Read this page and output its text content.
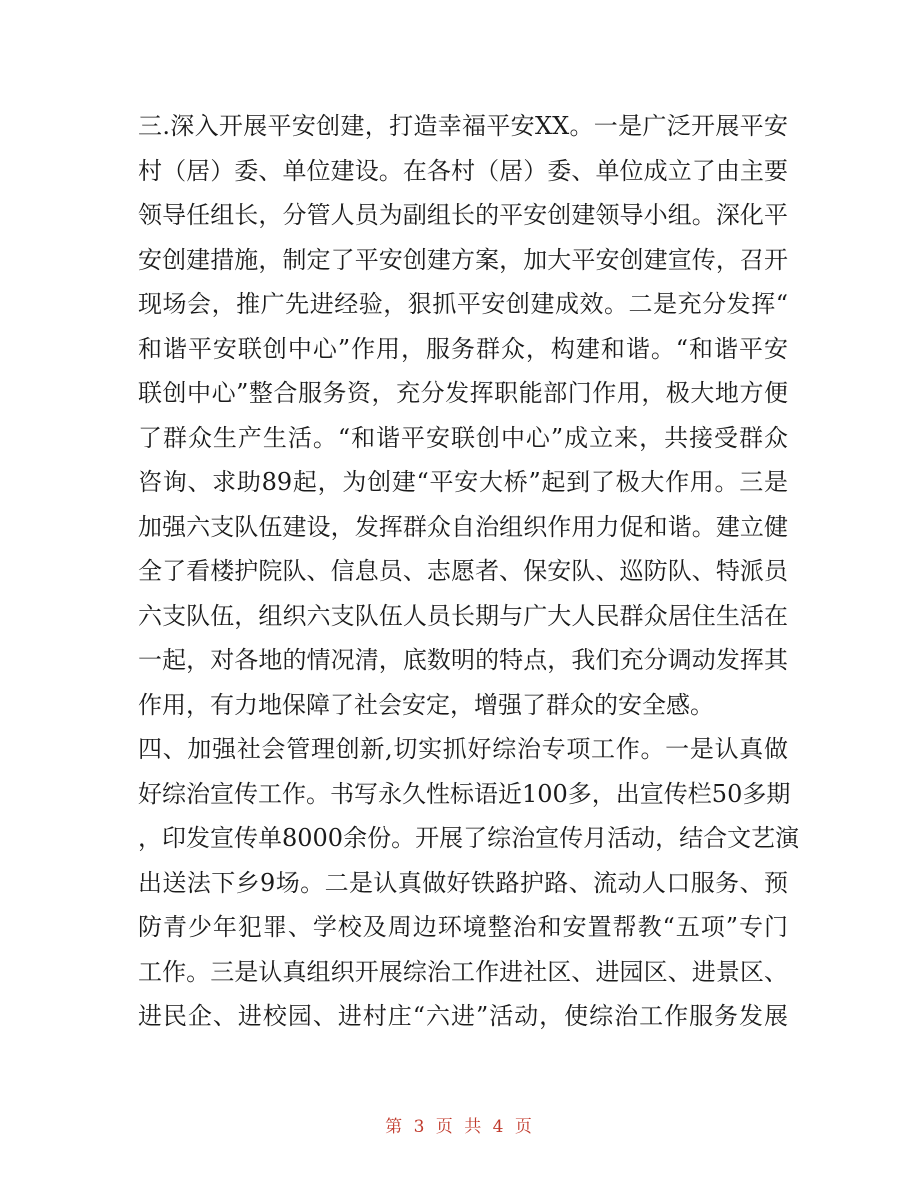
三.深入开展平安创建，打造幸福平安XX。一是广泛开展平安
村（居）委、单位建设。在各村（居）委、单位成立了由主要
领导任组长，分管人员为副组长的平安创建领导小组。深化平
安创建措施，制定了平安创建方案，加大平安创建宣传，召开
现场会，推广先进经验，狠抓平安创建成效。二是充分发挥“
和谐平安联创中心”作用，服务群众，构建和谐。“和谐平安
联创中心”整合服务资，充分发挥职能部门作用，极大地方便
了群众生产生活。“和谐平安联创中心”成立来，共接受群众
咨询、求助89起，为创建“平安大桥”起到了极大作用。三是
加强六支队伍建设，发挥群众自治组织作用力促和谐。建立健
全了看楼护院队、信息员、志愿者、保安队、巡防队、特派员
六支队伍，组织六支队伍人员长期与广大人民群众居住生活在
一起，对各地的情况清，底数明的特点，我们充分调动发挥其
作用，有力地保障了社会安定，增强了群众的安全感。
四、加强社会管理创新,切实抓好综治专项工作。一是认真做
好综治宣传工作。书写永久性标语近100多，出宣传栏50多期
，印发宣传单8000余份。开展了综治宣传月活动，结合文艺演
出送法下乡9场。二是认真做好铁路护路、流动人口服务、预
防青少年犯罪、学校及周边环境整治和安置帮教“五项”专门
工作。三是认真组织开展综治工作进社区、进园区、进景区、
进民企、进校园、进村庄“六进”活动，使综治工作服务发展
第 3 页 共 4 页
